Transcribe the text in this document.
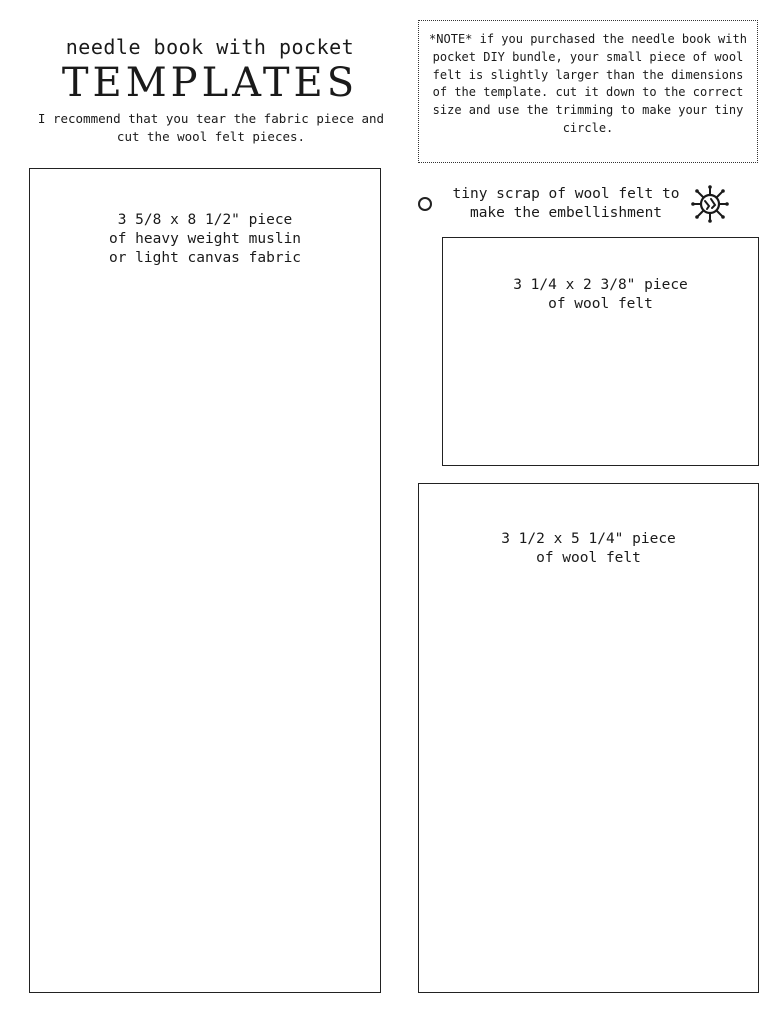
needle book with pocket
TEMPLATES
I recommend that you tear the fabric piece and cut the wool felt pieces.
*NOTE* if you purchased the needle book with pocket DIY bundle, your small piece of wool felt is slightly larger than the dimensions of the template. cut it down to the correct size and use the trimming to make your tiny circle.
3 5/8 x 8 1/2" piece
of heavy weight muslin
or light canvas fabric
tiny scrap of wool felt to
make the embellishment
3 1/4 x 2 3/8" piece
of wool felt
3 1/2 x 5 1/4" piece
of wool felt
